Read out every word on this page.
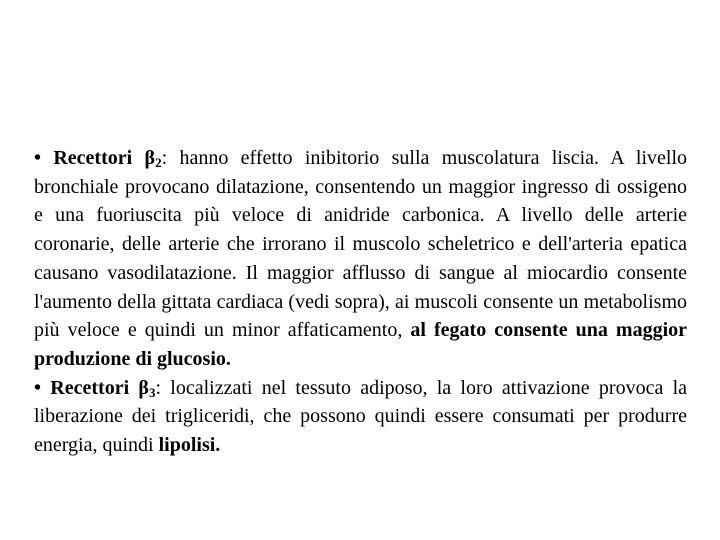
• Recettori $\beta_2$: hanno effetto inibitorio sulla muscolatura liscia. A livello bronchiale provocano dilatazione, consentendo un maggior ingresso di ossigeno e una fuoriuscita più veloce di anidride carbonica. A livello delle arterie coronarie, delle arterie che irrorano il muscolo scheletrico e dell'arteria epatica causano vasodilatazione. Il maggior afflusso di sangue al miocardio consente l'aumento della gittata cardiaca (vedi sopra), ai muscoli consente un metabolismo più veloce e quindi un minor affaticamento, al fegato consente una maggior produzione di glucosio.

• Recettori $\beta_3$: localizzati nel tessuto adiposo, la loro attivazione provoca la liberazione dei trigliceridi, che possono quindi essere consumati per produrre energia, quindi lipolisi.
